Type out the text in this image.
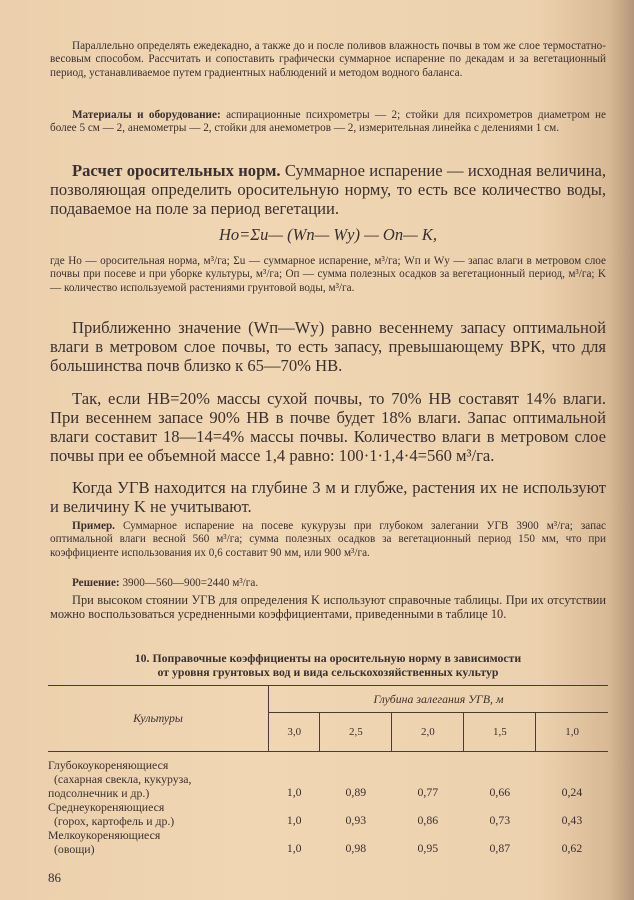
Параллельно определять ежедекадно, а также до и после поливов влажность почвы в том же слое термостатно-весовым способом. Рассчитать и сопоставить графически суммарное испарение по декадам и за вегетационный период, устанавливаемое путем градиентных наблюдений и методом водного баланса.

Материалы и оборудование: аспирационные психрометры — 2; стойки для психрометров диаметром не более 5 см — 2, анемометры — 2, стойки для анемометров — 2, измерительная линейка с делениями 1 см.

Расчет оросительных норм. Суммарное испарение — исходная величина, позволяющая определить оросительную норму, то есть все количество воды, подаваемое на поле за период вегетации.

Hо=Σu— (Wп— Wу) — Oп— K,

где Hо — оросительная норма, м³/га; Σu — суммарное испарение, м³/га; Wп и Wу — запас влаги в метровом слое почвы при посеве и при уборке культуры, м³/га; Oп — сумма полезных осадков за вегетационный период, м³/га; K — количество используемой растениями грунтовой воды, м³/га.

Приближенно значение (Wп—Wу) равно весеннему запасу оптимальной влаги в метровом слое почвы, то есть запасу, превышающему ВРК, что для большинства почв близко к 65—70% НВ.

Так, если НВ=20% массы сухой почвы, то 70% НВ составят 14% влаги. При весеннем запасе 90% НВ в почве будет 18% влаги. Запас оптимальной влаги составит 18—14=4% массы почвы. Количество влаги в метровом слое почвы при ее объемной массе 1,4 равно: 100·1·1,4·4=560 м³/га.

Когда УГВ находится на глубине 3 м и глубже, растения их не используют и величину K не учитывают.

Пример. Суммарное испарение на посеве кукурузы при глубоком залегании УГВ 3900 м³/га; запас оптимальной влаги весной 560 м³/га; сумма полезных осадков за вегетационный период 150 мм, что при коэффициенте использования их 0,6 составит 90 мм, или 900 м³/га.

Решение: 3900—560—900=2440 м³/га.

При высоком стоянии УГВ для определения K используют справочные таблицы. При их отсутствии можно воспользоваться усредненными коэффициентами, приведенными в таблице 10.

10. Поправочные коэффициенты на оросительную норму в зависимости
от уровня грунтовых вод и вида сельскохозяйственных культур
Культуры	Глубина залегания УГВ, м				
	3,0	2,5	2,0	1,5	1,0

Глубокоукореняющиеся
(сахарная свекла, кукуруза,
подсолнечник и др.)	1,0	0,89	0,77	0,66	0,24

Среднеукореняющиеся
(горох, картофель и др.)	1,0	0,93	0,86	0,73	0,43

Мелкоукореняющиеся
(овощи)	1,0	0,98	0,95	0,87	0,62
86
